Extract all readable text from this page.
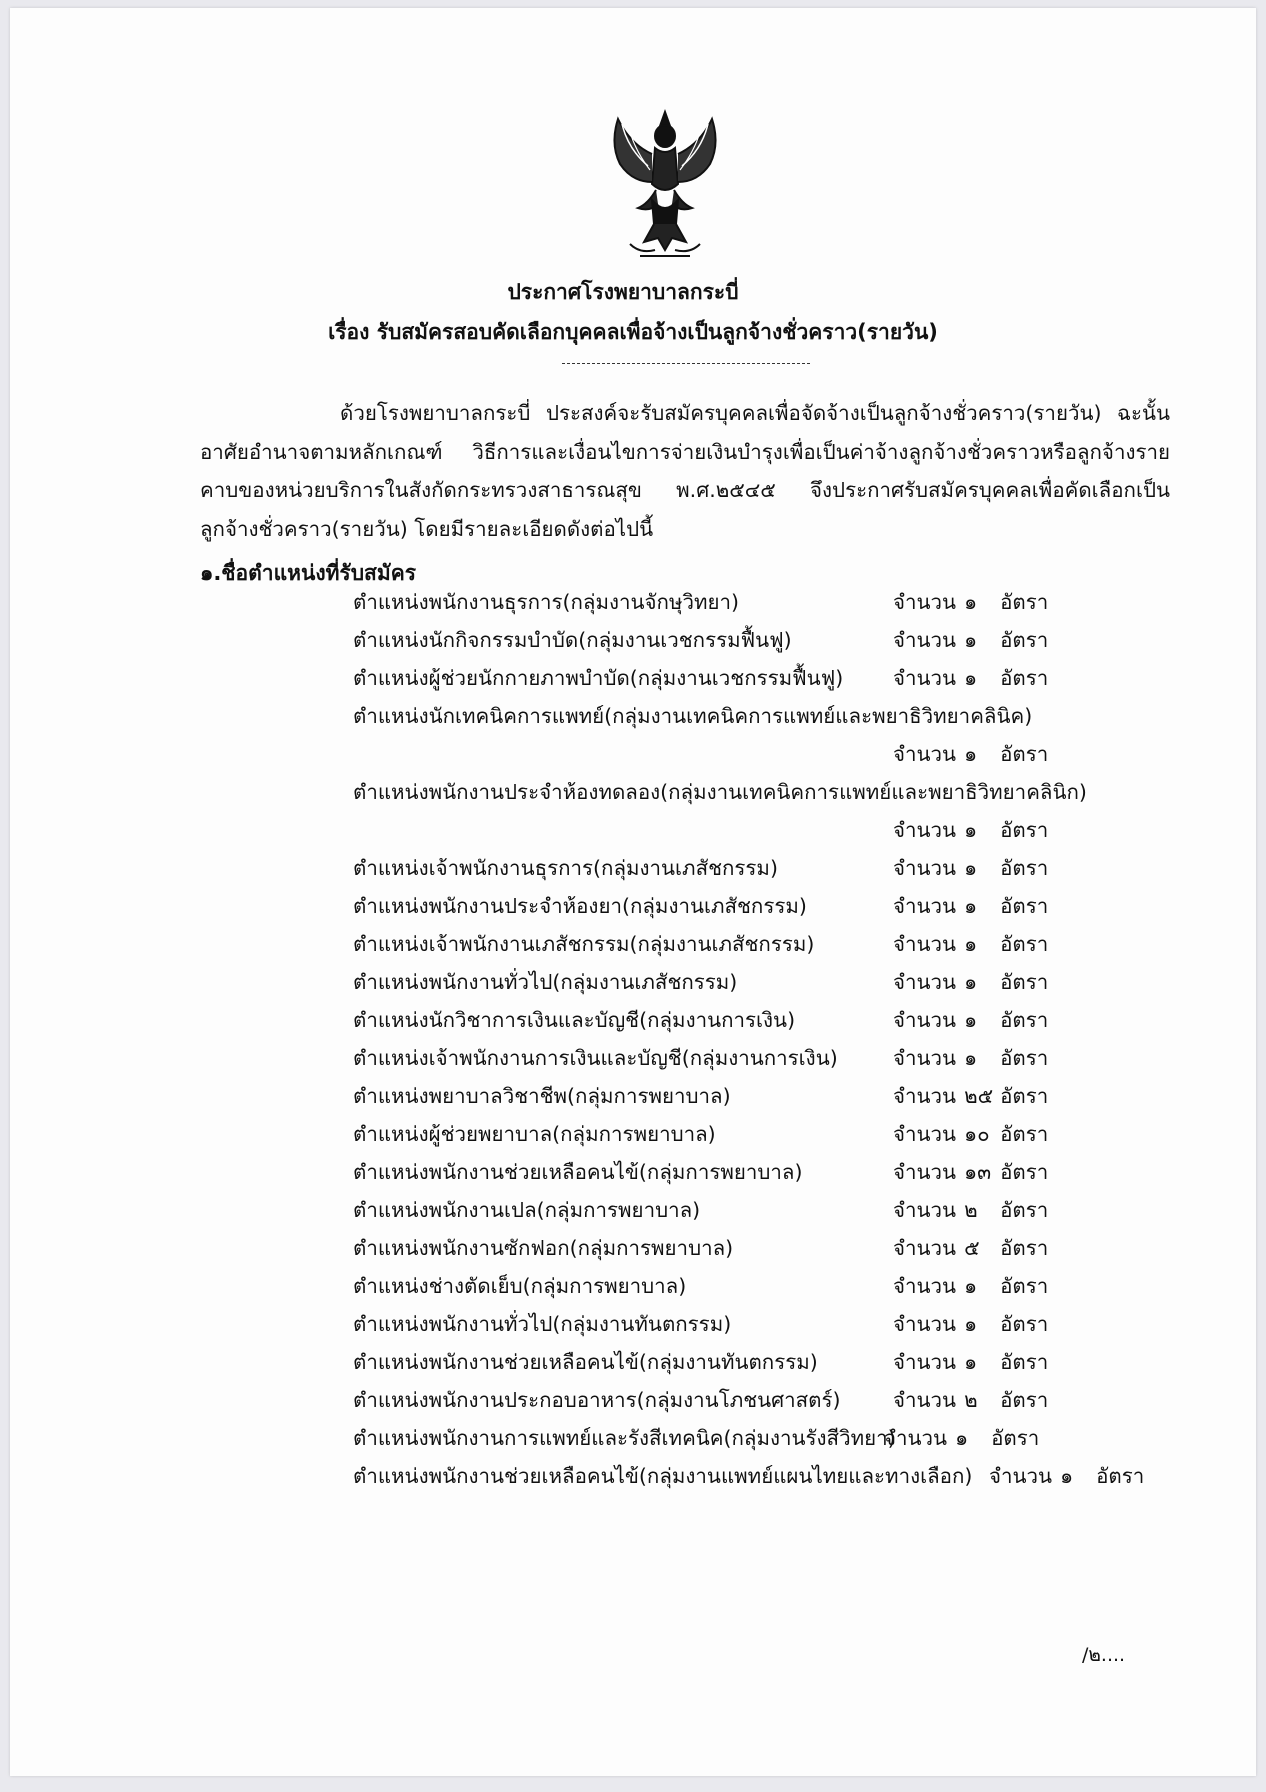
ประกาศโรงพยาบาลกระบี่
เรื่อง รับสมัครสอบคัดเลือกบุคคลเพื่อจ้างเป็นลูกจ้างชั่วคราว(รายวัน)
ด้วยโรงพยาบาลกระบี่ ประสงค์จะรับสมัครบุคคลเพื่อจัดจ้างเป็นลูกจ้างชั่วคราว(รายวัน) ฉะนั้นอาศัยอำนาจตามหลักเกณฑ์ วิธีการและเงื่อนไขการจ่ายเงินบำรุงเพื่อเป็นค่าจ้างลูกจ้างชั่วคราวหรือลูกจ้างรายคาบของหน่วยบริการในสังกัดกระทรวงสาธารณสุข พ.ศ.๒๕๔๕ จึงประกาศรับสมัครบุคคลเพื่อคัดเลือกเป็นลูกจ้างชั่วคราว(รายวัน) โดยมีรายละเอียดดังต่อไปนี้
๑.ชื่อตำแหน่งที่รับสมัคร
ตำแหน่งพนักงานธุรการ(กลุ่มงานจักษุวิทยา)	จำนวน ๑ อัตรา
ตำแหน่งนักกิจกรรมบำบัด(กลุ่มงานเวชกรรมฟื้นฟู)	จำนวน ๑ อัตรา
ตำแหน่งผู้ช่วยนักกายภาพบำบัด(กลุ่มงานเวชกรรมฟื้นฟู) จำนวน ๑ อัตรา
ตำแหน่งนักเทคนิคการแพทย์(กลุ่มงานเทคนิคการแพทย์และพยาธิวิทยาคลินิค)
จำนวน ๑ อัตรา
ตำแหน่งพนักงานประจำห้องทดลอง(กลุ่มงานเทคนิคการแพทย์และพยาธิวิทยาคลินิก)
จำนวน ๑ อัตรา
ตำแหน่งเจ้าพนักงานธุรการ(กลุ่มงานเภสัชกรรม)	จำนวน ๑ อัตรา
ตำแหน่งพนักงานประจำห้องยา(กลุ่มงานเภสัชกรรม)	จำนวน ๑ อัตรา
ตำแหน่งเจ้าพนักงานเภสัชกรรม(กลุ่มงานเภสัชกรรม)	จำนวน ๑ อัตรา
ตำแหน่งพนักงานทั่วไป(กลุ่มงานเภสัชกรรม)	จำนวน ๑ อัตรา
ตำแหน่งนักวิชาการเงินและบัญชี(กลุ่มงานการเงิน)	จำนวน ๑ อัตรา
ตำแหน่งเจ้าพนักงานการเงินและบัญชี(กลุ่มงานการเงิน)	จำนวน ๑ อัตรา
ตำแหน่งพยาบาลวิชาชีพ(กลุ่มการพยาบาล)	จำนวน ๒๕ อัตรา
ตำแหน่งผู้ช่วยพยาบาล(กลุ่มการพยาบาล)	จำนวน ๑๐ อัตรา
ตำแหน่งพนักงานช่วยเหลือคนไข้(กลุ่มการพยาบาล)	จำนวน ๑๓ อัตรา
ตำแหน่งพนักงานเปล(กลุ่มการพยาบาล)	จำนวน ๒ อัตรา
ตำแหน่งพนักงานซักฟอก(กลุ่มการพยาบาล)	จำนวน ๕ อัตรา
ตำแหน่งช่างตัดเย็บ(กลุ่มการพยาบาล)	จำนวน ๑ อัตรา
ตำแหน่งพนักงานทั่วไป(กลุ่มงานทันตกรรม)	จำนวน ๑ อัตรา
ตำแหน่งพนักงานช่วยเหลือคนไข้(กลุ่มงานทันตกรรม)	จำนวน ๑ อัตรา
ตำแหน่งพนักงานประกอบอาหาร(กลุ่มงานโภชนศาสตร์)	จำนวน ๒ อัตรา
ตำแหน่งพนักงานการแพทย์และรังสีเทคนิค(กลุ่มงานรังสีวิทยา)
จำนวน ๑ อัตรา
ตำแหน่งพนักงานช่วยเหลือคนไข้(กลุ่มงานแพทย์แผนไทยและทางเลือก) จำนวน ๑ อัตรา
/๒....
